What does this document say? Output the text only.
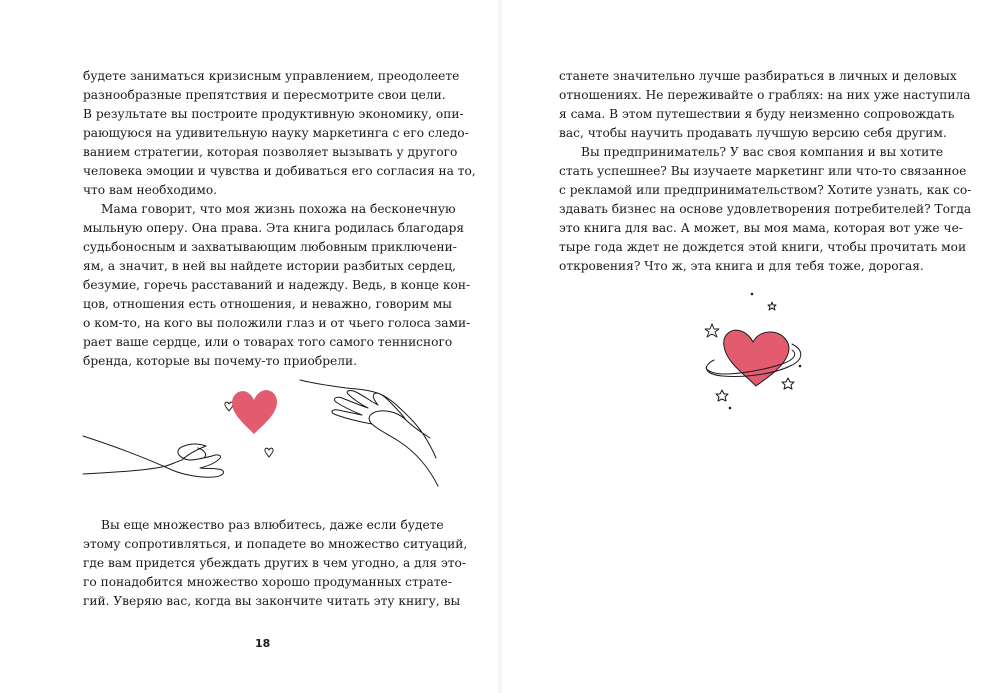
будете заниматься кризисным управлением, преодолеете
разнообразные препятствия и пересмотрите свои цели.
В результате вы построите продуктивную экономику, опи-
рающуюся на удивительную науку маркетинга с его следо-
ванием стратегии, которая позволяет вызывать у другого
человека эмоции и чувства и добиваться его согласия на то,
что вам необходимо.
Мама говорит, что моя жизнь похожа на бесконечную
мыльную оперу. Она права. Эта книга родилась благодаря
судьбоносным и захватывающим любовным приключени-
ям, а значит, в ней вы найдете истории разбитых сердец,
безумие, горечь расставаний и надежду. Ведь, в конце кон-
цов, отношения есть отношения, и неважно, говорим мы
о ком-то, на кого вы положили глаз и от чьего голоса зами-
рает ваше сердце, или о товарах того самого теннисного
бренда, которые вы почему-то приобрели.
Вы еще множество раз влюбитесь, даже если будете
этому сопротивляться, и попадете во множество ситуаций,
где вам придется убеждать других в чем угодно, а для это-
го понадобится множество хорошо продуманных страте-
гий. Уверяю вас, когда вы закончите читать эту книгу, вы
18
станете значительно лучше разбираться в личных и деловых
отношениях. Не переживайте о граблях: на них уже наступила
я сама. В этом путешествии я буду неизменно сопровождать
вас, чтобы научить продавать лучшую версию себя другим.
Вы предприниматель? У вас своя компания и вы хотите
стать успешнее? Вы изучаете маркетинг или что-то связанное
с рекламой или предпринимательством? Хотите узнать, как со-
здавать бизнес на основе удовлетворения потребителей? Тогда
это книга для вас. А может, вы моя мама, которая вот уже че-
тыре года ждет не дождется этой книги, чтобы прочитать мои
откровения? Что ж, эта книга и для тебя тоже, дорогая.
